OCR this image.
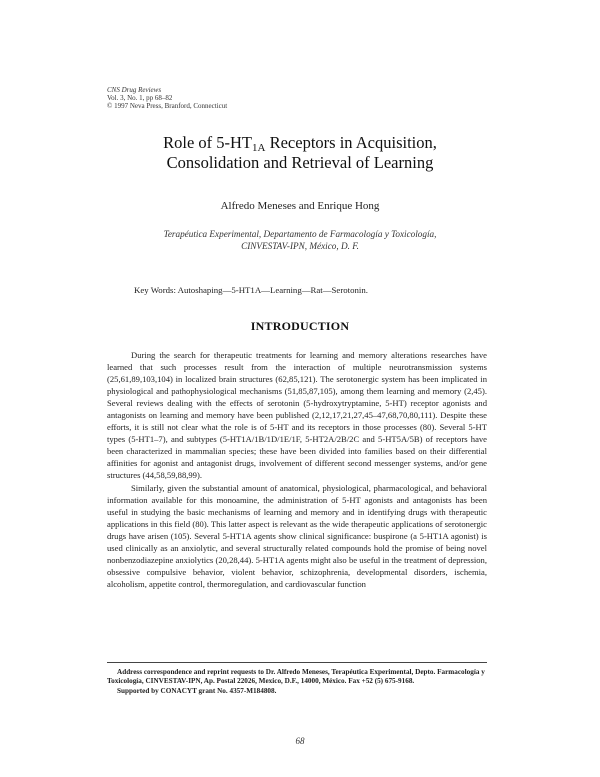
CNS Drug Reviews
Vol. 3, No. 1, pp 68–82
© 1997 Neva Press, Branford, Connecticut
Role of $5-HT_{1A}$ Receptors in Acquisition,
Consolidation and Retrieval of Learning
Alfredo Meneses and Enrique Hong
Terapéutica Experimental, Departamento de Farmacología y Toxicología,
CINVESTAV-IPN, México, D. F.
Key Words: Autoshaping—5-HT1A—Learning—Rat—Serotonin.
INTRODUCTION

During the search for therapeutic treatments for learning and memory alterations researches have learned that such processes result from the interaction of multiple neurotransmission systems (25,61,89,103,104) in localized brain structures (62,85,121). The serotonergic system has been implicated in physiological and pathophysiological mechanisms (51,85,87,105), among them learning and memory (2,45). Several reviews dealing with the effects of serotonin (5-hydroxytryptamine, 5-HT) receptor agonists and antagonists on learning and memory have been published (2,12,17,21,27,45–47,68,70,80,111). Despite these efforts, it is still not clear what the role is of 5-HT and its receptors in those processes (80). Several 5-HT types (5-HT1–7), and subtypes (5-HT1A/1B/1D/1E/1F, 5-HT2A/2B/2C and 5-HT5A/5B) of receptors have been characterized in mammalian species; these have been divided into families based on their differential affinities for agonist and antagonist drugs, involvement of different second messenger systems, and/or gene structures (44,58,59,88,99).

Similarly, given the substantial amount of anatomical, physiological, pharmacological, and behavioral information available for this monoamine, the administration of 5-HT agonists and antagonists has been useful in studying the basic mechanisms of learning and memory and in identifying drugs with therapeutic applications in this field (80). This latter aspect is relevant as the wide therapeutic applications of serotonergic drugs have arisen (105). Several 5-HT1A agents show clinical significance: buspirone (a 5-HT1A agonist) is used clinically as an anxiolytic, and several structurally related compounds hold the promise of being novel nonbenzodiazepine anxiolytics (20,28,44). 5-HT1A agents might also be useful in the treatment of depression, obsessive compulsive behavior, violent behavior, schizophrenia, developmental disorders, ischemia, alcoholism, appetite control, thermoregulation, and cardiovascular function

Address correspondence and reprint requests to Dr. Alfredo Meneses, Terapéutica Experimental, Depto. Farmacología y Toxicología, CINVESTAV-IPN, Ap. Postal 22026, Mexico, D.F., 14000, México. Fax +52 (5) 675-9168.

Supported by CONACYT grant No. 4357-M184808.

68
